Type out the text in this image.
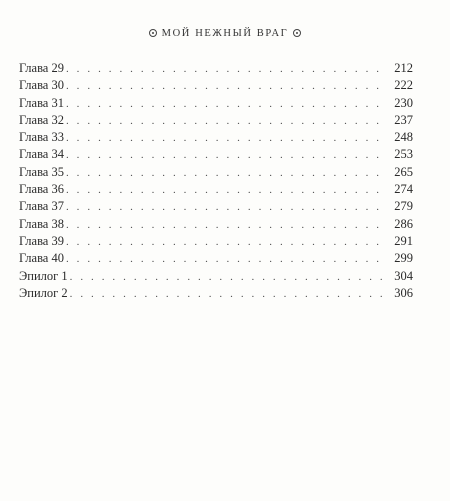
МОЙ НЕЖНЫЙ ВРАГ
Глава 29 . . .	212
Глава 30 . . .	222
Глава 31 . . .	230
Глава 32 . . .	237
Глава 33 . . .	248
Глава 34 . . .	253
Глава 35 . . .	265
Глава 36 . . .	274
Глава 37 . . .	279
Глава 38 . . .	286
Глава 39 . . .	291
Глава 40 . . .	299
Эпилог 1 . . .	304
Эпилог 2 . . .	306
